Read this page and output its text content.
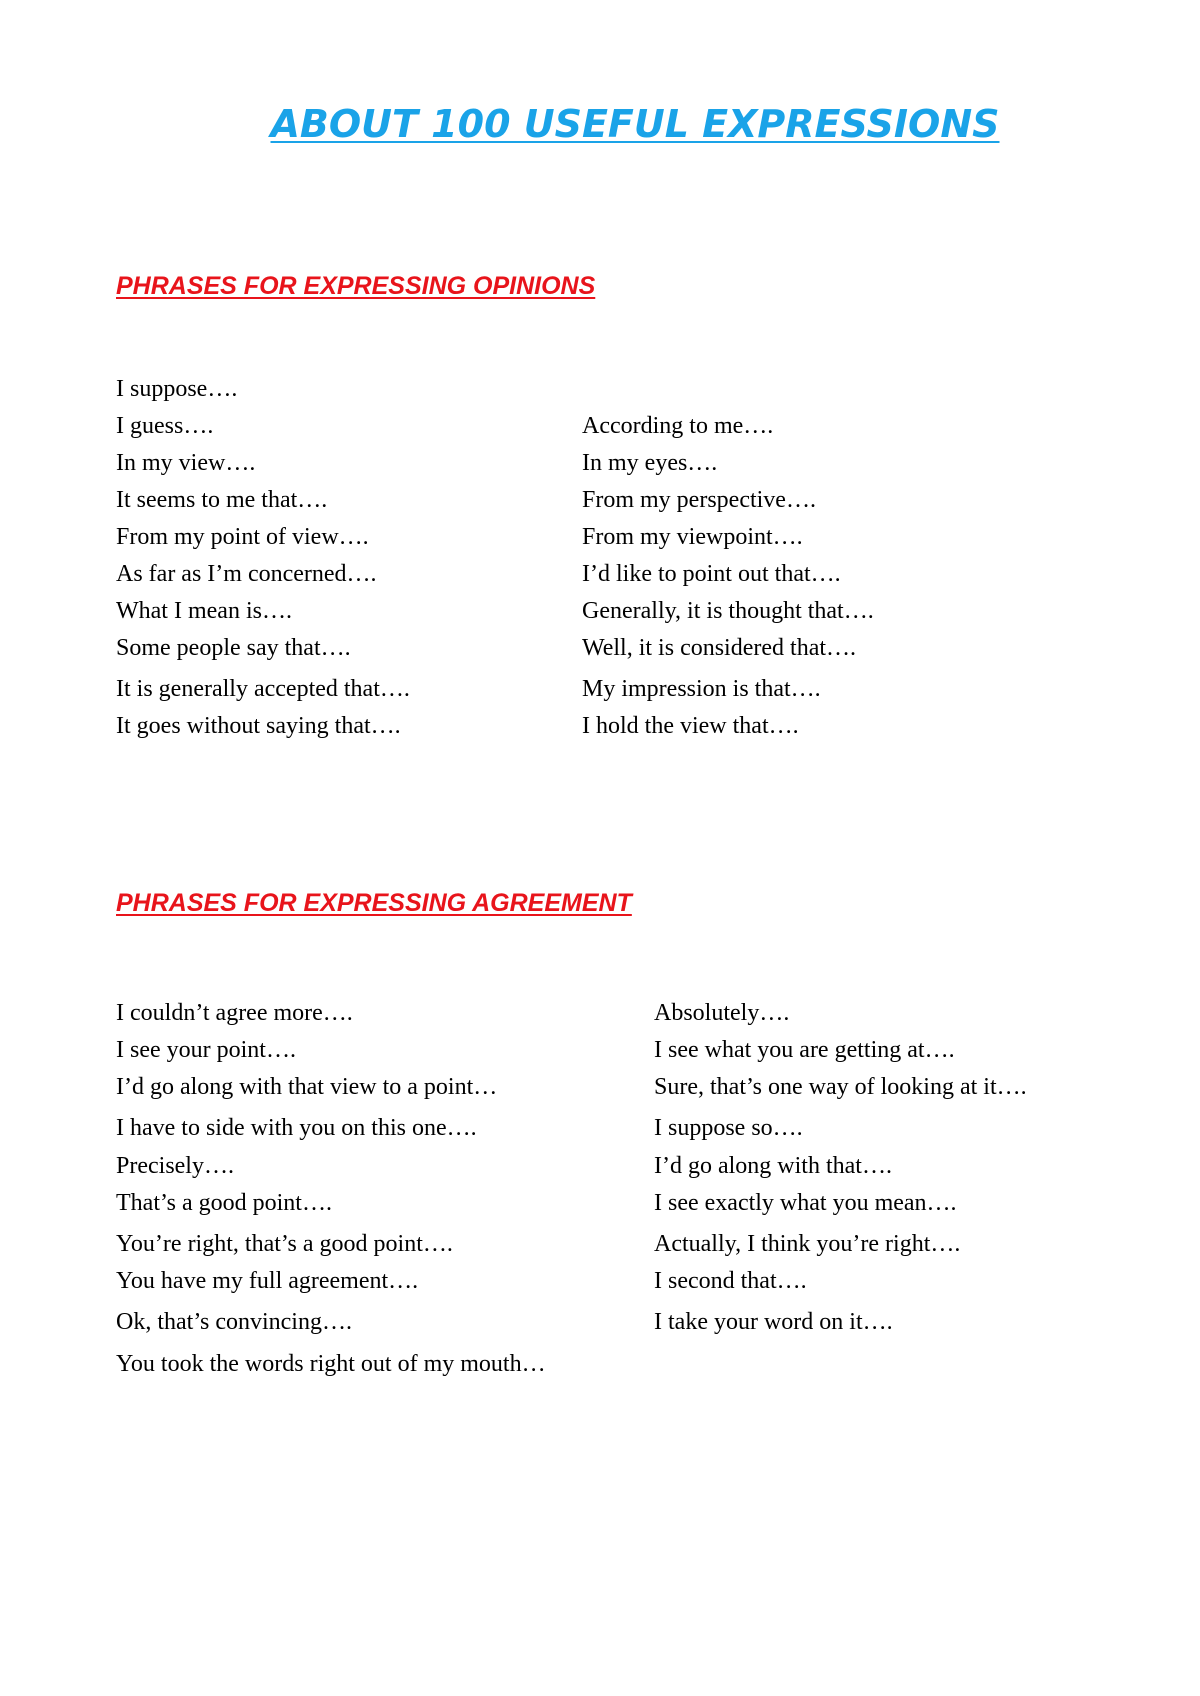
ABOUT 100 USEFUL EXPRESSIONS
PHRASES FOR EXPRESSING OPINIONS

I suppose….

I guess….

In my view….

It seems to me that….

From my point of view….

As far as I’m concerned….

What I mean is….

Some people say that….

It is generally accepted that….

It goes without saying that….

According to me….

In my eyes….

From my perspective….

From my viewpoint….

I’d like to point out that….

Generally, it is thought that….

Well, it is considered that….

My impression is that….

I hold the view that….

PHRASES FOR EXPRESSING AGREEMENT

I couldn’t agree more….

I see your point….

I’d go along with that view to a point…

I have to side with you on this one….

Precisely….

That’s a good point….

You’re right, that’s a good point….

You have my full agreement….

Ok, that’s convincing….

You took the words right out of my mouth…

Absolutely….

I see what you are getting at….

Sure, that’s one way of looking at it….

I suppose so….

I’d go along with that….

I see exactly what you mean….

Actually, I think you’re right….

I second that….

I take your word on it….
